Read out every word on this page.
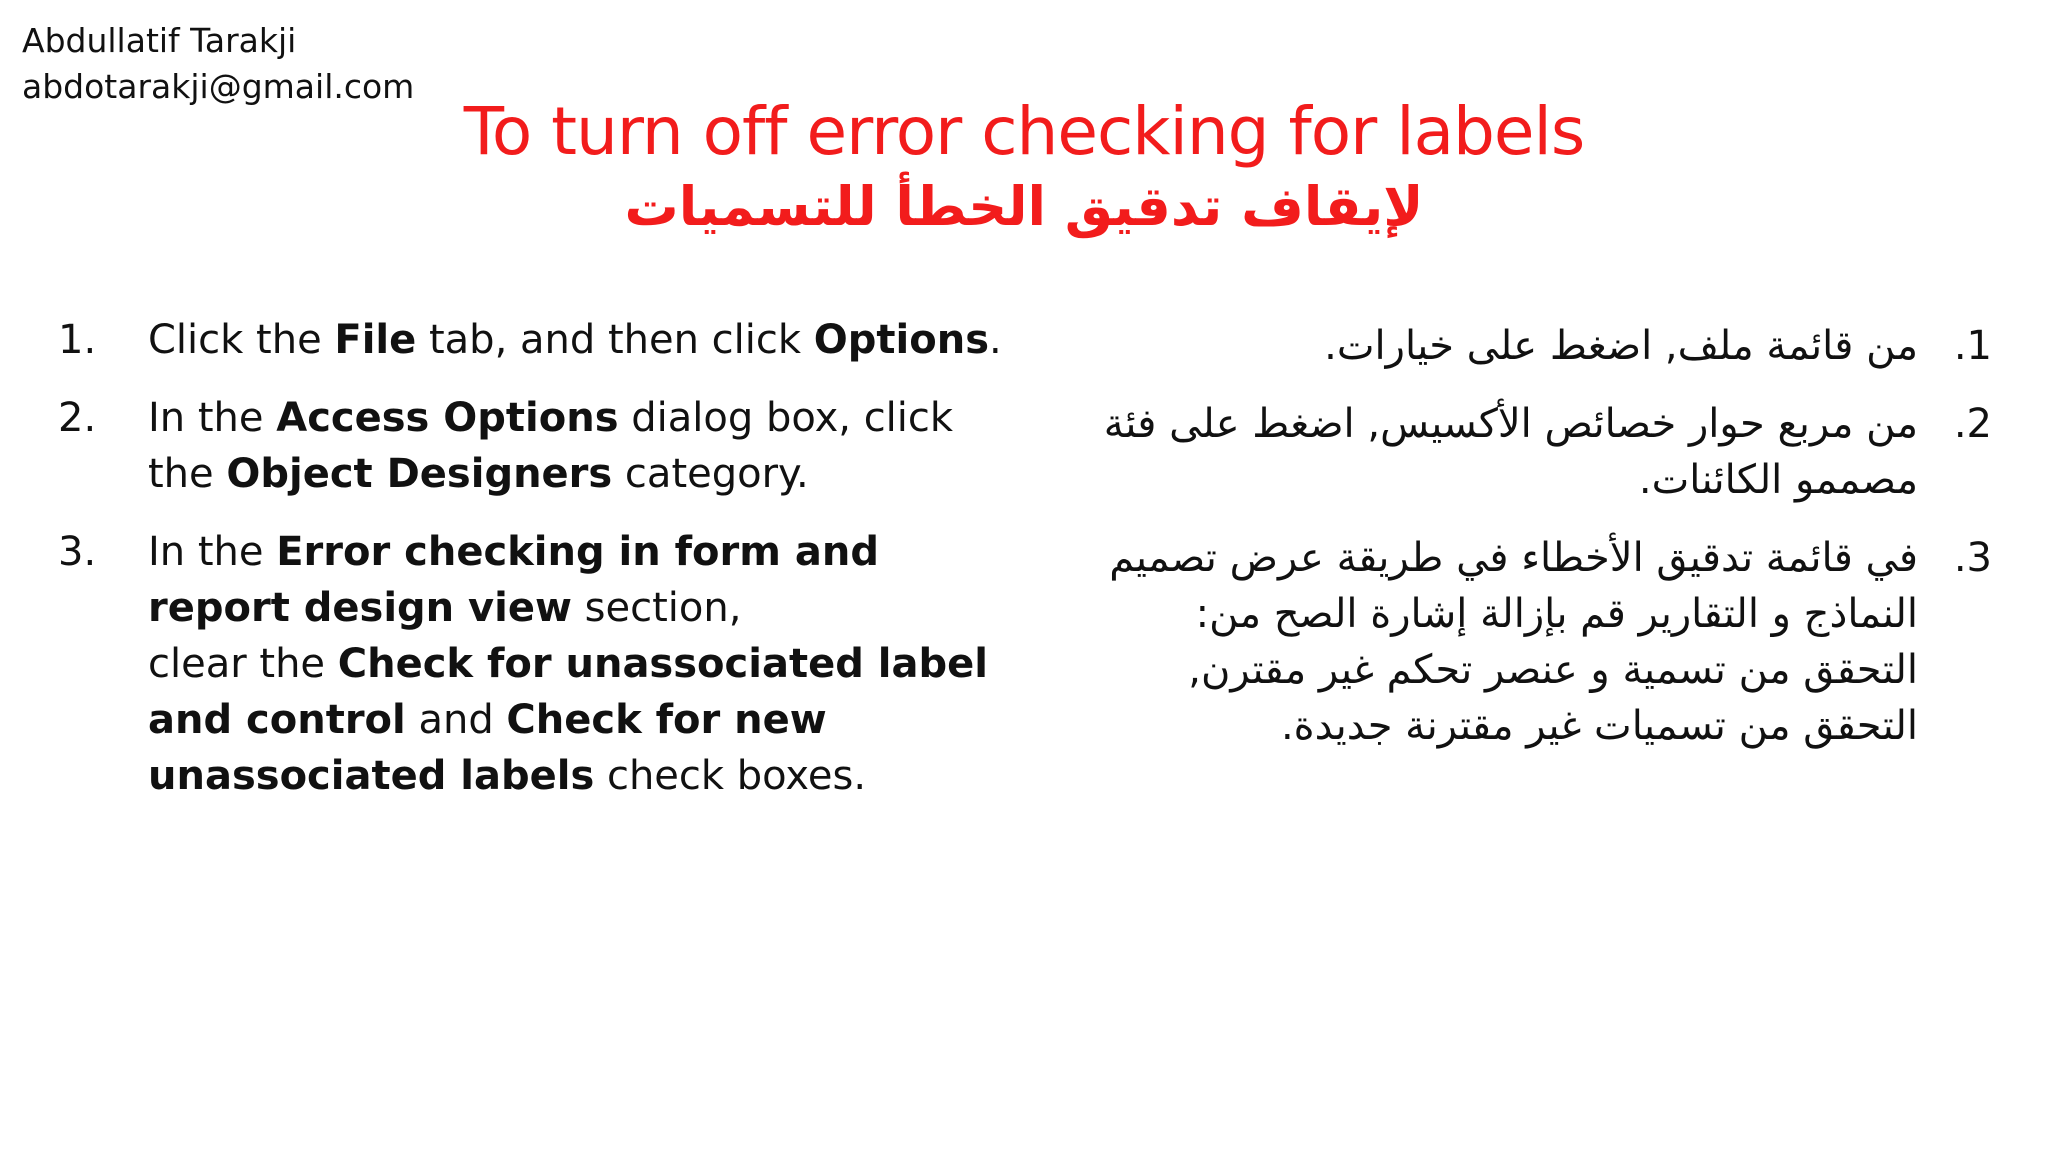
Abdullatif Tarakji
abdotarakji@gmail.com
To turn off error checking for labels
لإيقاف تدقيق الخطأ للتسميات
1.	Click the File tab, and then click Options.
2.	In the Access Options dialog box, click the Object Designers category.
3.	In the Error checking in form and report design view section,
clear the Check for unassociated label and control and Check for new unassociated labels check boxes.
.1
من قائمة ملف, اضغط على خيارات.
.2
من مربع حوار خصائص الأكسيس, اضغط على فئة مصممو الكائنات.
.3
في قائمة تدقيق الأخطاء في طريقة عرض تصميم النماذج و التقارير قم بإزالة إشارة الصح من:
التحقق من تسمية و عنصر تحكم غير مقترن,
التحقق من تسميات غير مقترنة جديدة.
